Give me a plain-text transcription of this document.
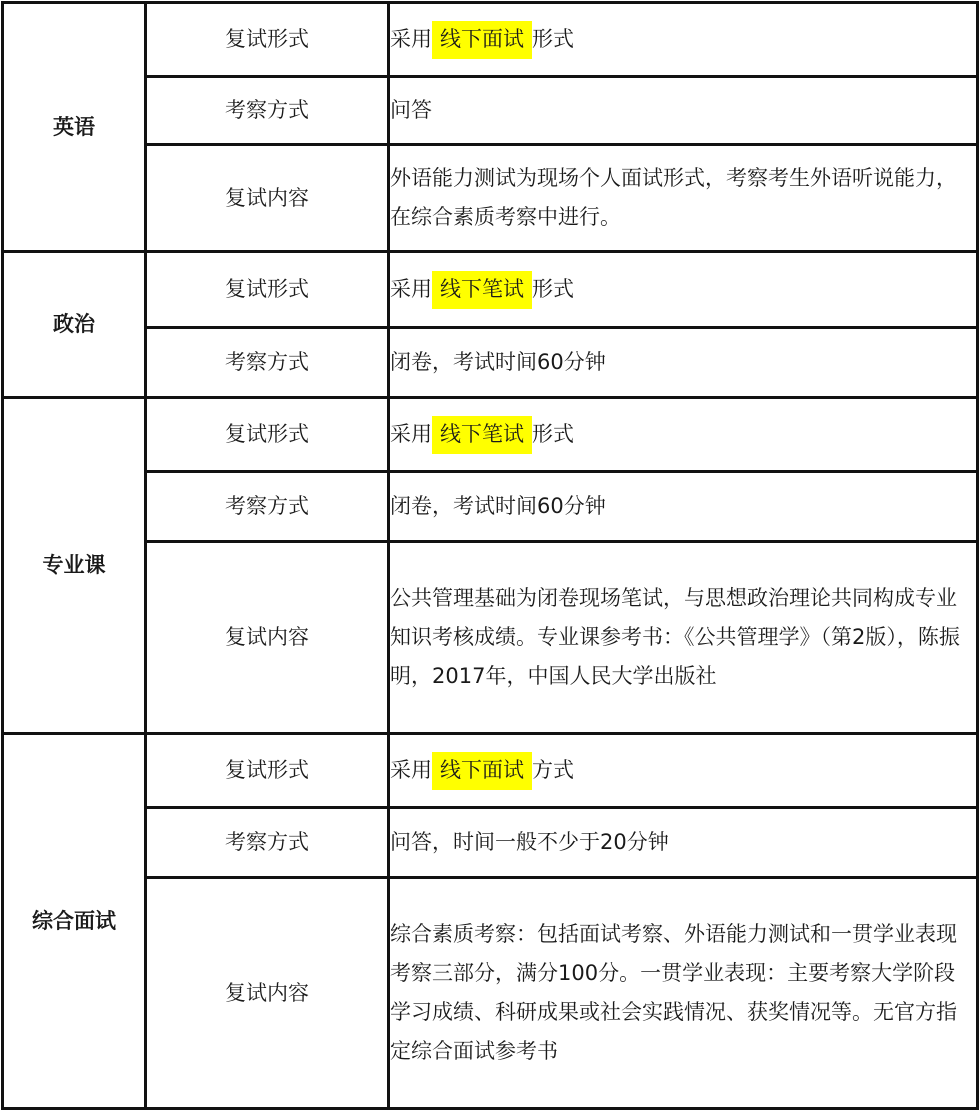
英语	复试形式	采用 线下面试 形式
	考察方式	问答
	复试内容	外语能力测试为现场个人面试形式，考察考生外语听说能力，在综合素质考察中进行。

政治	复试形式	采用 线下笔试 形式
	考察方式	闭卷，考试时间60分钟
专业课	复试形式	采用 线下笔试 形式
	考察方式	闭卷，考试时间60分钟
	复试内容	公共管理基础为闭卷现场笔试，与思想政治理论共同构成专业知识考核成绩。专业课参考书：《公共管理学》（第2版），陈振明，2017年，中国人民大学出版社

综合面试	复试形式	采用 线下面试 方式
	考察方式	问答，时间一般不少于20分钟
	复试内容	综合素质考察：包括面试考察、外语能力测试和一贯学业表现考察三部分，满分100分。一贯学业表现：主要考察大学阶段学习成绩、科研成果或社会实践情况、获奖情况等。无官方指定综合面试参考书
